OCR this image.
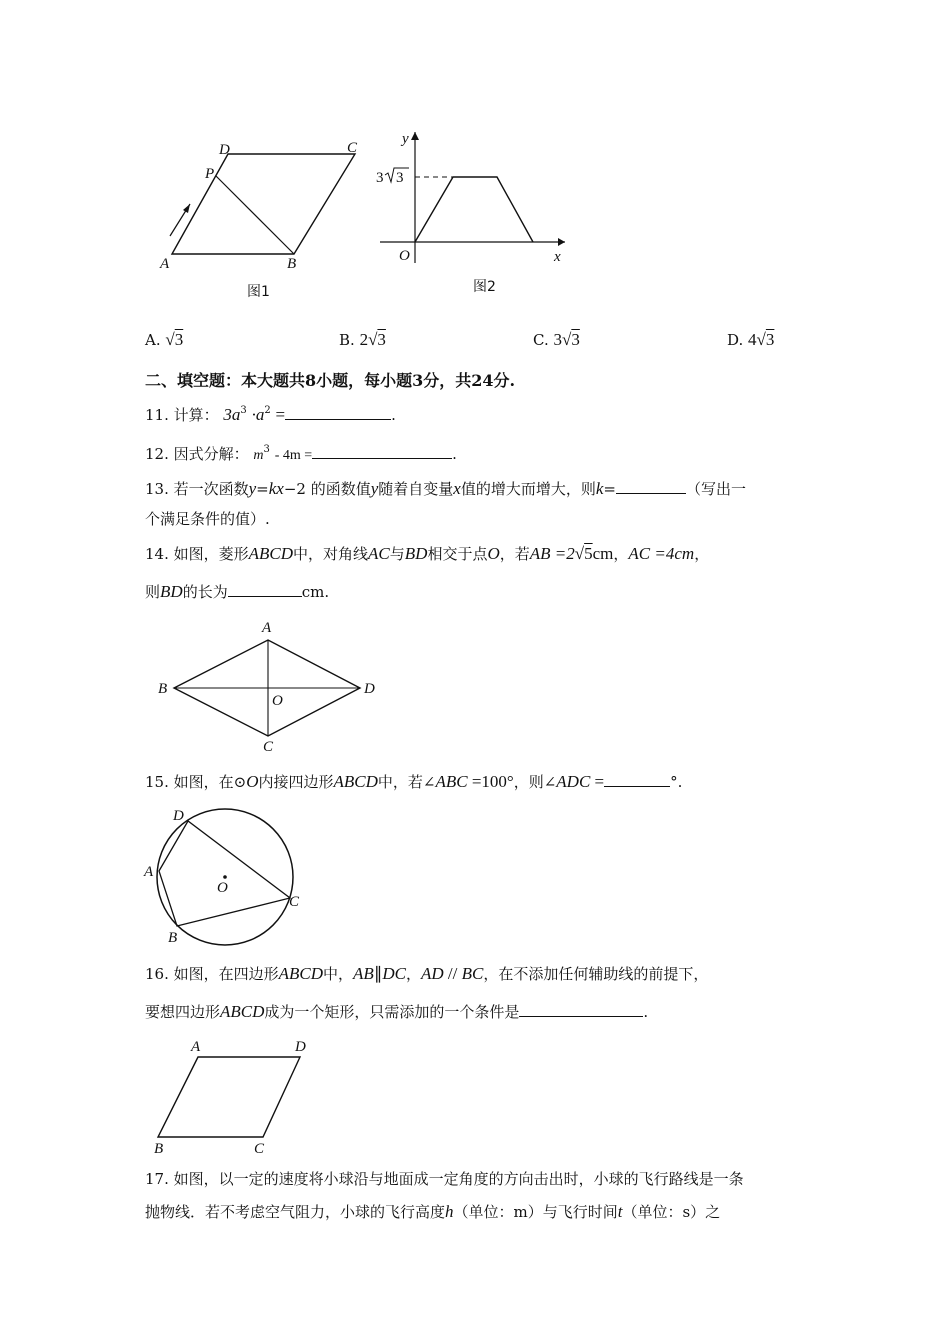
D	C
P
A	B
图1
y
x
O
3 3
图2
A. √3	B. 2√3	C. 3√3	D. 4√3
二、填空题：本大题共8小题，每小题3分，共24分.
11. 计算： $3a^3 \cdot a^2$ =	.
12. 因式分解： $m^3 - 4m$ =	.
13. 若一次函数y=kx−2 的函数值y随着自变量x值的增大而增大，则k=	（写出一
个满足条件的值）.
14. 如图，菱形ABCD中，对角线AC与BD相交于点O，若AB =2√5cm，AC =4cm，
则BD的长为	cm.
A
B	D
C
O
15. 如图，在⊙O内接四边形ABCD中，若∠ABC =100°，则∠ADC =	°.
D
A
B
C
O
16. 如图，在四边形ABCD中，AB∥DC，AD // BC，在不添加任何辅助线的前提下，
要想四边形ABCD成为一个矩形，只需添加的一个条件是	.
A	D
B	C
17. 如图，以一定的速度将小球沿与地面成一定角度的方向击出时，小球的飞行路线是一条
抛物线．若不考虑空气阻力，小球的飞行高度h（单位：m）与飞行时间t（单位：s）之
